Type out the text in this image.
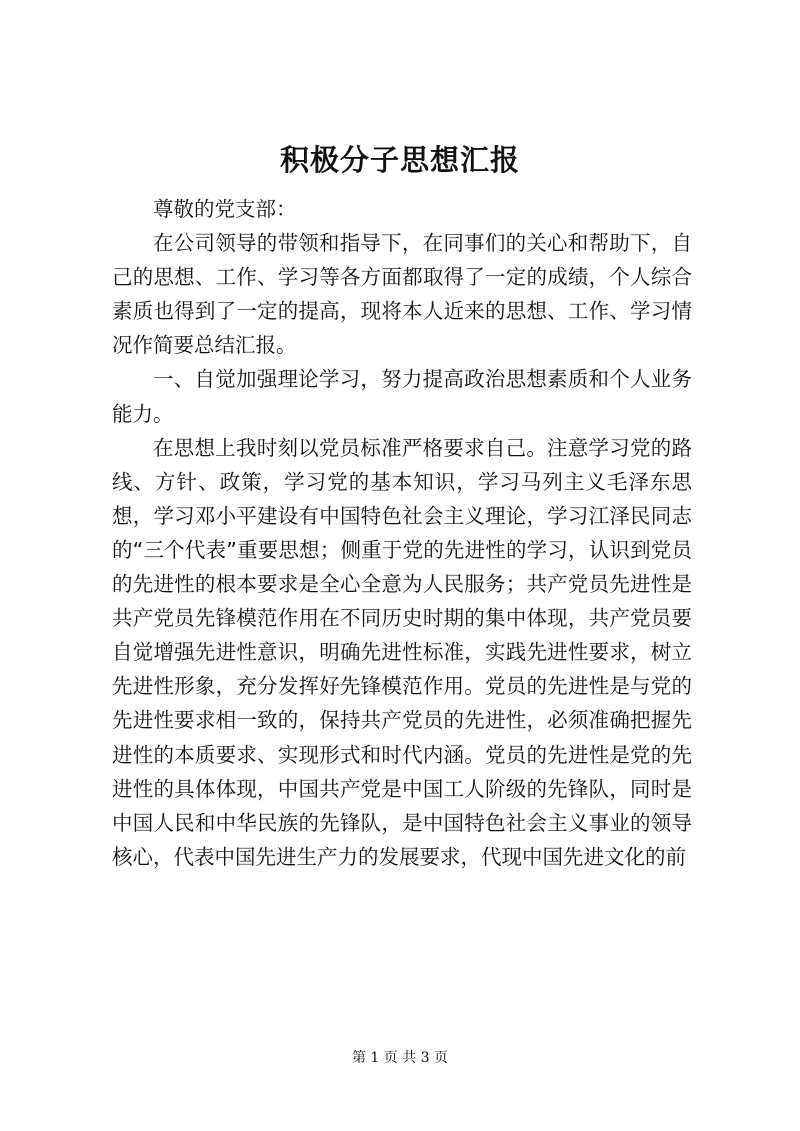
积极分子思想汇报

尊敬的党支部：

在公司领导的带领和指导下，在同事们的关心和帮助下，自己的思想、工作、学习等各方面都取得了一定的成绩，个人综合素质也得到了一定的提高，现将本人近来的思想、工作、学习情况作简要总结汇报。

一、自觉加强理论学习，努力提高政治思想素质和个人业务能力。

在思想上我时刻以党员标准严格要求自己。注意学习党的路线、方针、政策，学习党的基本知识，学习马列主义毛泽东思想，学习邓小平建设有中国特色社会主义理论，学习江泽民同志的“三个代表”重要思想；侧重于党的先进性的学习，认识到党员的先进性的根本要求是全心全意为人民服务；共产党员先进性是共产党员先锋模范作用在不同历史时期的集中体现，共产党员要自觉增强先进性意识，明确先进性标准，实践先进性要求，树立先进性形象，充分发挥好先锋模范作用。党员的先进性是与党的先进性要求相一致的，保持共产党员的先进性，必须准确把握先进性的本质要求、实现形式和时代内涵。党员的先进性是党的先进性的具体体现，中国共产党是中国工人阶级的先锋队，同时是中国人民和中华民族的先锋队，是中国特色社会主义事业的领导核心，代表中国先进生产力的发展要求，代现中国先进文化的前

第 1 页 共 3 页
